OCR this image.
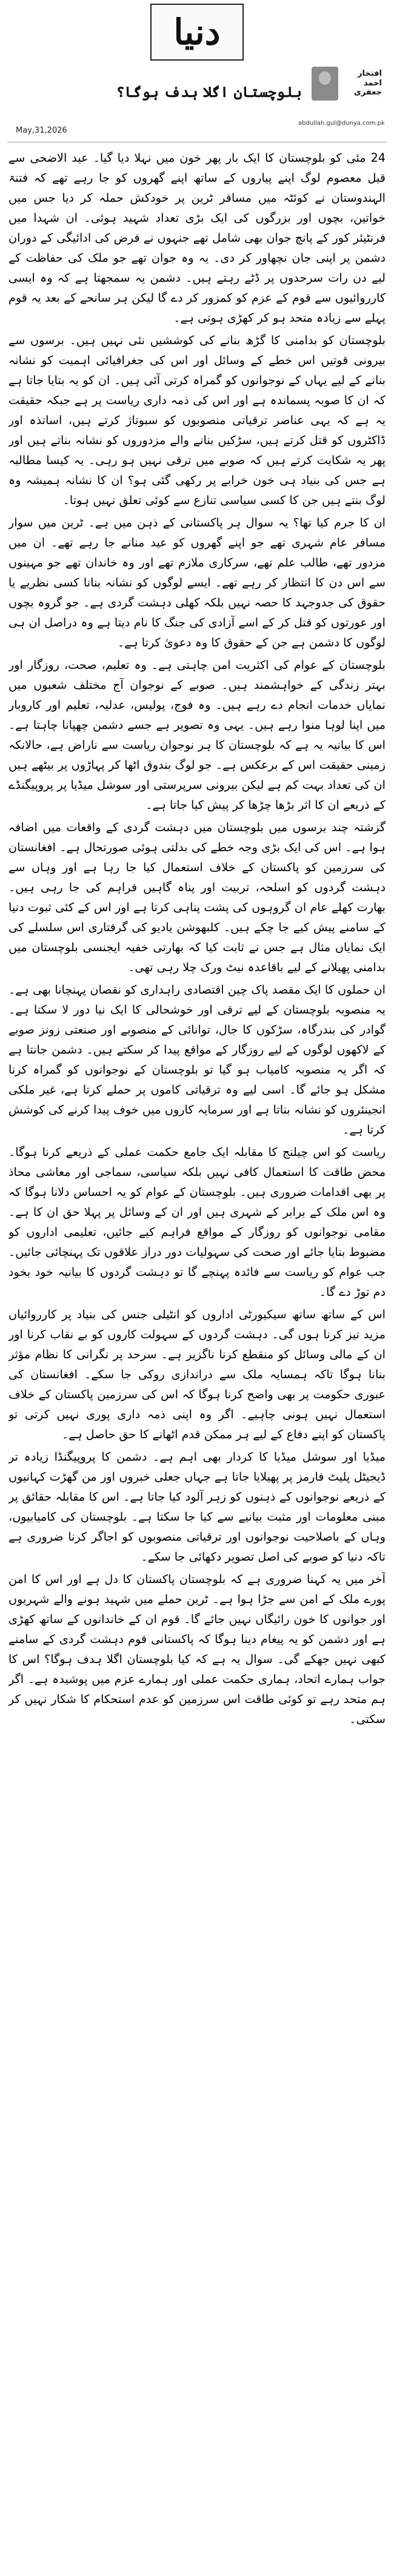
دنیا
افتخار احمد جعفری
بلوچستان اگلا ہدف ہوگا؟
abdullah.gul@dunya.com.pk
May,31,2026

24 مئی کو بلوچستان کا ایک بار پھر خون میں نہلا دیا گیا۔ عید الاضحی سے قبل معصوم لوگ اپنے پیاروں کے ساتھ اپنے گھروں کو جا رہے تھے کہ فتنۃ الہندوستان نے کوئٹہ میں مسافر ٹرین پر خودکش حملہ کر دیا جس میں خواتین، بچوں اور بزرگوں کی ایک بڑی تعداد شہید ہوئی۔ ان شہدا میں فرنٹیئر کور کے پانچ جوان بھی شامل تھے جنہوں نے فرض کی ادائیگی کے دوران دشمن پر اپنی جان نچھاور کر دی۔ یہ وہ جوان تھے جو ملک کی حفاظت کے لیے دن رات سرحدوں پر ڈٹے رہتے ہیں۔ دشمن یہ سمجھتا ہے کہ وہ ایسی کارروائیوں سے قوم کے عزم کو کمزور کر دے گا لیکن ہر سانحے کے بعد یہ قوم پہلے سے زیادہ متحد ہو کر کھڑی ہوتی ہے۔

بلوچستان کو بدامنی کا گڑھ بنانے کی کوششیں نئی نہیں ہیں۔ برسوں سے بیرونی قوتیں اس خطے کے وسائل اور اس کی جغرافیائی اہمیت کو نشانہ بنانے کے لیے یہاں کے نوجوانوں کو گمراہ کرتی آئی ہیں۔ ان کو یہ بتایا جاتا ہے کہ ان کا صوبہ پسماندہ ہے اور اس کی ذمہ داری ریاست پر ہے جبکہ حقیقت یہ ہے کہ یہی عناصر ترقیاتی منصوبوں کو سبوتاژ کرتے ہیں، اساتذہ اور ڈاکٹروں کو قتل کرتے ہیں، سڑکیں بنانے والے مزدوروں کو نشانہ بناتے ہیں اور پھر یہ شکایت کرتے ہیں کہ صوبے میں ترقی نہیں ہو رہی۔ یہ کیسا مطالبہ ہے جس کی بنیاد ہی خون خرابے پر رکھی گئی ہو؟ ان کا نشانہ ہمیشہ وہ لوگ بنتے ہیں جن کا کسی سیاسی تنازع سے کوئی تعلق نہیں ہوتا۔

ان کا جرم کیا تھا؟ یہ سوال ہر پاکستانی کے ذہن میں ہے۔ ٹرین میں سوار مسافر عام شہری تھے جو اپنے گھروں کو عید منانے جا رہے تھے۔ ان میں مزدور تھے، طالب علم تھے، سرکاری ملازم تھے اور وہ خاندان تھے جو مہینوں سے اس دن کا انتظار کر رہے تھے۔ ایسے لوگوں کو نشانہ بنانا کسی نظریے یا حقوق کی جدوجہد کا حصہ نہیں بلکہ کھلی دہشت گردی ہے۔ جو گروہ بچوں اور عورتوں کو قتل کر کے اسے آزادی کی جنگ کا نام دیتا ہے وہ دراصل ان ہی لوگوں کا دشمن ہے جن کے حقوق کا وہ دعویٰ کرتا ہے۔

بلوچستان کے عوام کی اکثریت امن چاہتی ہے۔ وہ تعلیم، صحت، روزگار اور بہتر زندگی کے خواہشمند ہیں۔ صوبے کے نوجوان آج مختلف شعبوں میں نمایاں خدمات انجام دے رہے ہیں۔ وہ فوج، پولیس، عدلیہ، تعلیم اور کاروبار میں اپنا لوہا منوا رہے ہیں۔ یہی وہ تصویر ہے جسے دشمن چھپانا چاہتا ہے۔ اس کا بیانیہ یہ ہے کہ بلوچستان کا ہر نوجوان ریاست سے ناراض ہے، حالانکہ زمینی حقیقت اس کے برعکس ہے۔ جو لوگ بندوق اٹھا کر پہاڑوں پر بیٹھے ہیں ان کی تعداد بہت کم ہے لیکن بیرونی سرپرستی اور سوشل میڈیا پر پروپیگنڈے کے ذریعے ان کا اثر بڑھا چڑھا کر پیش کیا جاتا ہے۔

گزشتہ چند برسوں میں بلوچستان میں دہشت گردی کے واقعات میں اضافہ ہوا ہے۔ اس کی ایک بڑی وجہ خطے کی بدلتی ہوئی صورتحال ہے۔ افغانستان کی سرزمین کو پاکستان کے خلاف استعمال کیا جا رہا ہے اور وہاں سے دہشت گردوں کو اسلحہ، تربیت اور پناہ گاہیں فراہم کی جا رہی ہیں۔ بھارت کھلے عام ان گروہوں کی پشت پناہی کرتا ہے اور اس کے کئی ثبوت دنیا کے سامنے پیش کیے جا چکے ہیں۔ کلبھوشن یادیو کی گرفتاری اس سلسلے کی ایک نمایاں مثال ہے جس نے ثابت کیا کہ بھارتی خفیہ ایجنسی بلوچستان میں بدامنی پھیلانے کے لیے باقاعدہ نیٹ ورک چلا رہی تھی۔

ان حملوں کا ایک مقصد پاک چین اقتصادی راہداری کو نقصان پہنچانا بھی ہے۔ یہ منصوبہ بلوچستان کے لیے ترقی اور خوشحالی کا ایک نیا دور لا سکتا ہے۔ گوادر کی بندرگاہ، سڑکوں کا جال، توانائی کے منصوبے اور صنعتی زونز صوبے کے لاکھوں لوگوں کے لیے روزگار کے مواقع پیدا کر سکتے ہیں۔ دشمن جانتا ہے کہ اگر یہ منصوبہ کامیاب ہو گیا تو بلوچستان کے نوجوانوں کو گمراہ کرنا مشکل ہو جائے گا۔ اسی لیے وہ ترقیاتی کاموں پر حملے کرتا ہے، غیر ملکی انجینئروں کو نشانہ بناتا ہے اور سرمایہ کاروں میں خوف پیدا کرنے کی کوشش کرتا ہے۔

ریاست کو اس چیلنج کا مقابلہ ایک جامع حکمت عملی کے ذریعے کرنا ہوگا۔ محض طاقت کا استعمال کافی نہیں بلکہ سیاسی، سماجی اور معاشی محاذ پر بھی اقدامات ضروری ہیں۔ بلوچستان کے عوام کو یہ احساس دلانا ہوگا کہ وہ اس ملک کے برابر کے شہری ہیں اور ان کے وسائل پر پہلا حق ان کا ہے۔ مقامی نوجوانوں کو روزگار کے مواقع فراہم کیے جائیں، تعلیمی اداروں کو مضبوط بنایا جائے اور صحت کی سہولیات دور دراز علاقوں تک پہنچائی جائیں۔ جب عوام کو ریاست سے فائدہ پہنچے گا تو دہشت گردوں کا بیانیہ خود بخود دم توڑ دے گا۔

اس کے ساتھ ساتھ سیکیورٹی اداروں کو انٹیلی جنس کی بنیاد پر کارروائیاں مزید تیز کرنا ہوں گی۔ دہشت گردوں کے سہولت کاروں کو بے نقاب کرنا اور ان کے مالی وسائل کو منقطع کرنا ناگزیر ہے۔ سرحد پر نگرانی کا نظام مؤثر بنانا ہوگا تاکہ ہمسایہ ملک سے دراندازی روکی جا سکے۔ افغانستان کی عبوری حکومت پر بھی واضح کرنا ہوگا کہ اس کی سرزمین پاکستان کے خلاف استعمال نہیں ہونی چاہیے۔ اگر وہ اپنی ذمہ داری پوری نہیں کرتی تو پاکستان کو اپنے دفاع کے لیے ہر ممکن قدم اٹھانے کا حق حاصل ہے۔

میڈیا اور سوشل میڈیا کا کردار بھی اہم ہے۔ دشمن کا پروپیگنڈا زیادہ تر ڈیجیٹل پلیٹ فارمز پر پھیلایا جاتا ہے جہاں جعلی خبروں اور من گھڑت کہانیوں کے ذریعے نوجوانوں کے ذہنوں کو زہر آلود کیا جاتا ہے۔ اس کا مقابلہ حقائق پر مبنی معلومات اور مثبت بیانیے سے کیا جا سکتا ہے۔ بلوچستان کی کامیابیوں، وہاں کے باصلاحیت نوجوانوں اور ترقیاتی منصوبوں کو اجاگر کرنا ضروری ہے تاکہ دنیا کو صوبے کی اصل تصویر دکھائی جا سکے۔

آخر میں یہ کہنا ضروری ہے کہ بلوچستان پاکستان کا دل ہے اور اس کا امن پورے ملک کے امن سے جڑا ہوا ہے۔ ٹرین حملے میں شہید ہونے والے شہریوں اور جوانوں کا خون رائیگاں نہیں جائے گا۔ قوم ان کے خاندانوں کے ساتھ کھڑی ہے اور دشمن کو یہ پیغام دینا ہوگا کہ پاکستانی قوم دہشت گردی کے سامنے کبھی نہیں جھکے گی۔ سوال یہ ہے کہ کیا بلوچستان اگلا ہدف ہوگا؟ اس کا جواب ہمارے اتحاد، ہماری حکمت عملی اور ہمارے عزم میں پوشیدہ ہے۔ اگر ہم متحد رہے تو کوئی طاقت اس سرزمین کو عدم استحکام کا شکار نہیں کر سکتی۔
